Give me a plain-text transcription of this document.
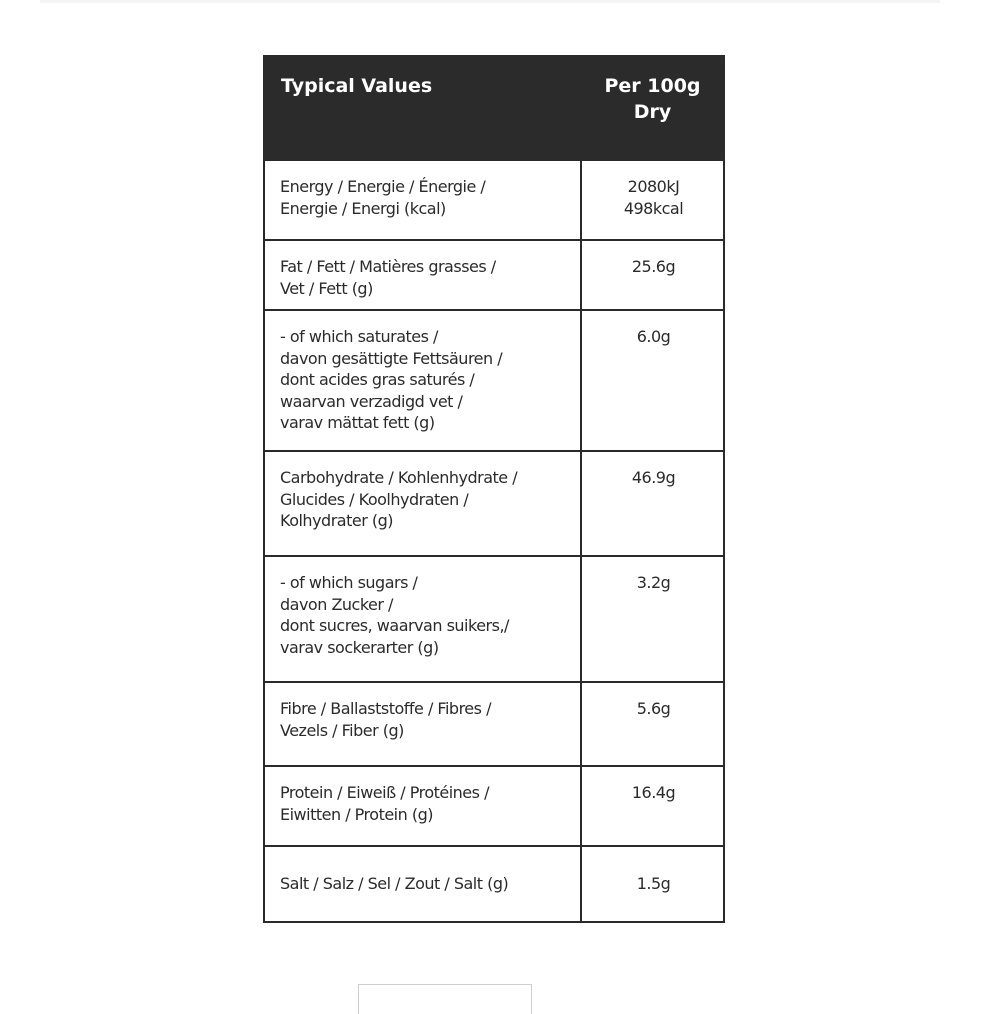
Typical Values	Per 100g
Dry
Energy / Energie / Énergie /
Energie / Energi (kcal)
2080kJ
498kcal
Fat / Fett / Matières grasses /
Vet / Fett (g)
25.6g
- of which saturates /
davon gesättigte Fettsäuren /
dont acides gras saturés /
waarvan verzadigd vet /
varav mättat fett (g)
6.0g
Carbohydrate / Kohlenhydrate /
Glucides / Koolhydraten /
Kolhydrater (g)
46.9g
- of which sugars /
davon Zucker /
dont sucres, waarvan suikers,/
varav sockerarter (g)
3.2g
Fibre / Ballaststoffe / Fibres /
Vezels / Fiber (g)
5.6g
Protein / Eiweiß / Protéines /
Eiwitten / Protein (g)
16.4g
Salt / Salz / Sel / Zout / Salt (g)	1.5g
